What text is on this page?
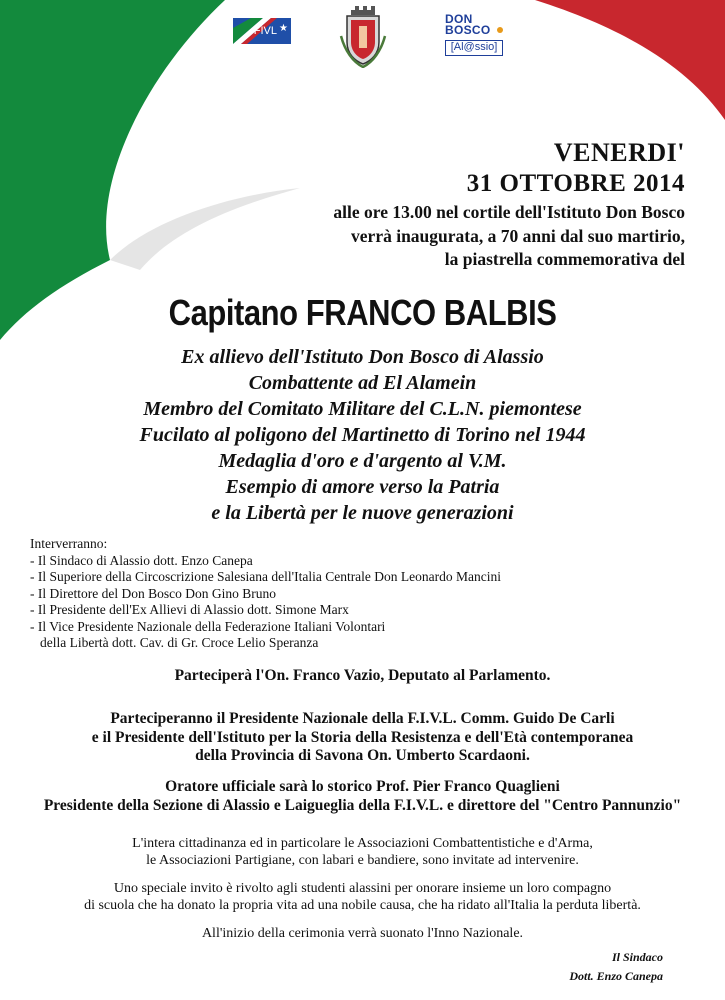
FIVL ★
DON
BOSCO
[Al@ssio]
VENERDI'
31 OTTOBRE 2014
alle ore 13.00 nel cortile dell'Istituto Don Bosco
verrà inaugurata, a 70 anni dal suo martirio,
la piastrella commemorativa del
Capitano FRANCO BALBIS
Ex allievo dell'Istituto Don Bosco di Alassio
Combattente ad El Alamein
Membro del Comitato Militare del C.L.N. piemontese
Fucilato al poligono del Martinetto di Torino nel 1944
Medaglia d'oro e d'argento al V.M.
Esempio di amore verso la Patria
e la Libertà per le nuove generazioni
Interverranno:
- Il Sindaco di Alassio dott. Enzo Canepa
- Il Superiore della Circoscrizione Salesiana dell'Italia Centrale Don Leonardo Mancini
- Il Direttore del Don Bosco Don Gino Bruno
- Il Presidente dell'Ex Allievi di Alassio dott. Simone Marx
- Il Vice Presidente Nazionale della Federazione Italiani Volontari
della Libertà dott. Cav. di Gr. Croce Lelio Speranza
Parteciperà l'On. Franco Vazio, Deputato al Parlamento.
Parteciperanno il Presidente Nazionale della F.I.V.L. Comm. Guido De Carli
e il Presidente dell'Istituto per la Storia della Resistenza e dell'Età contemporanea
della Provincia di Savona On. Umberto Scardaoni.
Oratore ufficiale sarà lo storico Prof. Pier Franco Quaglieni
Presidente della Sezione di Alassio e Laigueglia della F.I.V.L. e direttore del "Centro Pannunzio"
L'intera cittadinanza ed in particolare le Associazioni Combattentistiche e d'Arma,
le Associazioni Partigiane, con labari e bandiere, sono invitate ad intervenire.
Uno speciale invito è rivolto agli studenti alassini per onorare insieme un loro compagno
di scuola che ha donato la propria vita ad una nobile causa, che ha ridato all'Italia la perduta libertà.
All'inizio della cerimonia verrà suonato l'Inno Nazionale.
Il Sindaco
Dott. Enzo Canepa
